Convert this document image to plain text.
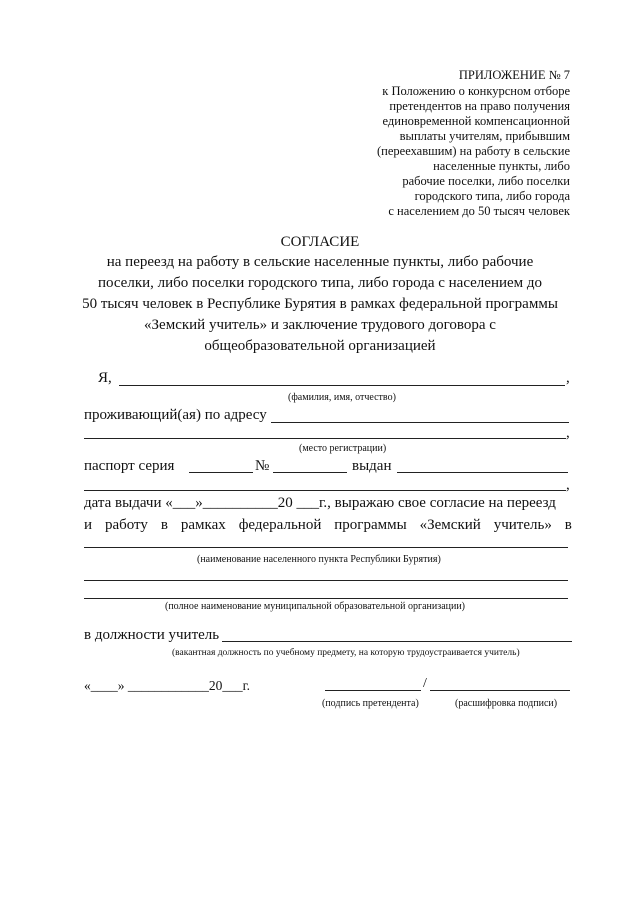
ПРИЛОЖЕНИЕ № 7
к Положению о конкурсном отборе
претендентов на право получения
единовременной компенсационной
выплаты учителям, прибывшим
(переехавшим) на работу в сельские
населенные пункты, либо
рабочие поселки, либо поселки
городского типа, либо города
с населением до 50 тысяч человек
СОГЛАСИЕ
на переезд на работу в сельские населенные пункты, либо рабочие
поселки, либо поселки городского типа, либо города с населением до
50 тысяч человек в Республике Бурятия в рамках федеральной программы
«Земский учитель» и заключение трудового договора с
общеобразовательной организацией
Я,	,
(фамилия, имя, отчество)
проживающий(ая) по адресу
,
(место регистрации)
паспорт серия	№	выдан
,
дата выдачи «___»__________20 ___г., выражаю свое согласие на переезд
и работу в рамках федеральной программы «Земский учитель» в
(наименование населенного пункта Республики Бурятия)
(полное наименование муниципальной образовательной организации)
в должности учитель
(вакантная должность по учебному предмету, на которую трудоустраивается учитель)
«____» ____________20___г.	/
(подпись претендента)	(расшифровка подписи)
